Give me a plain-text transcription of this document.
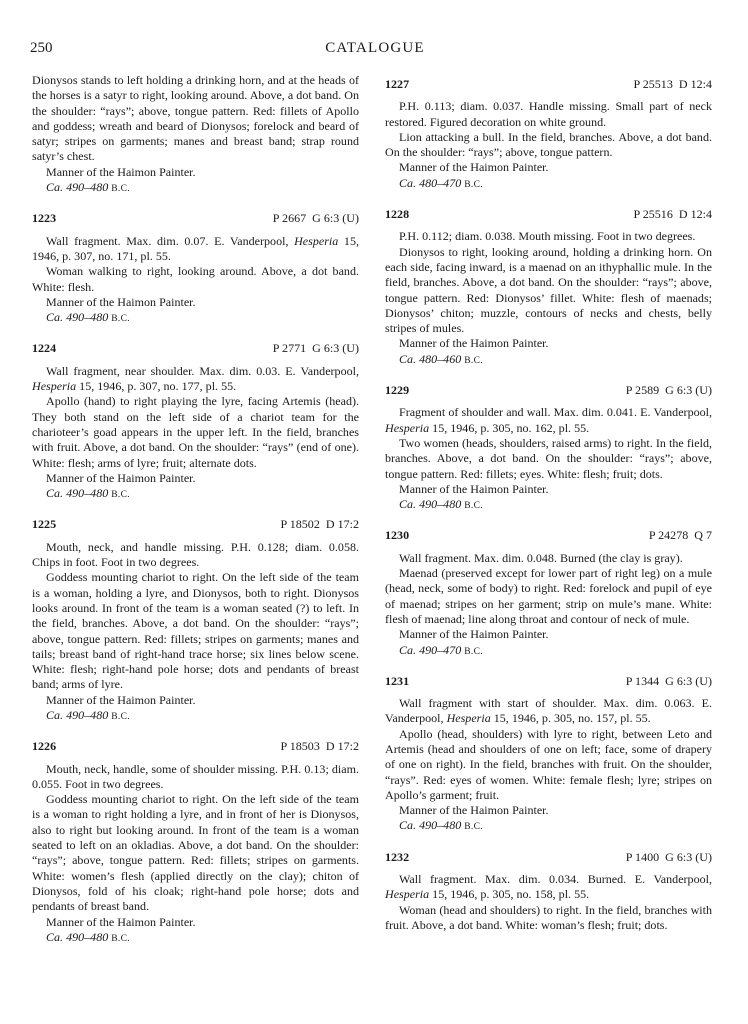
250	CATALOGUE

Dionysos stands to left holding a drinking horn, and at the heads of the horses is a satyr to right, looking around. Above, a dot band. On the shoulder: “rays”; above, tongue pattern. Red: fillets of Apollo and goddess; wreath and beard of Dionysos; forelock and beard of satyr; stripes on garments; manes and breast band; strap round satyr’s chest.

Manner of the Haimon Painter.

Ca. 490–480 B.C.

1223	P 2667 G 6:3 (U)

Wall fragment. Max. dim. 0.07. E. Vanderpool, Hesperia 15, 1946, p. 307, no. 171, pl. 55.

Woman walking to right, looking around. Above, a dot band. White: flesh.

Manner of the Haimon Painter.

Ca. 490–480 B.C.

1224	P 2771 G 6:3 (U)

Wall fragment, near shoulder. Max. dim. 0.03. E. Vanderpool, Hesperia 15, 1946, p. 307, no. 177, pl. 55.

Apollo (hand) to right playing the lyre, facing Artemis (head). They both stand on the left side of a chariot team for the charioteer’s goad appears in the upper left. In the field, branches with fruit. Above, a dot band. On the shoulder: “rays” (end of one). White: flesh; arms of lyre; fruit; alternate dots.

Manner of the Haimon Painter.

Ca. 490–480 B.C.

1225	P 18502 D 17:2

Mouth, neck, and handle missing. P.H. 0.128; diam. 0.058. Chips in foot. Foot in two degrees.

Goddess mounting chariot to right. On the left side of the team is a woman, holding a lyre, and Dionysos, both to right. Dionysos looks around. In front of the team is a woman seated (?) to left. In the field, branches. Above, a dot band. On the shoulder: “rays”; above, tongue pattern. Red: fillets; stripes on garments; manes and tails; breast band of right-hand trace horse; six lines below scene. White: flesh; right-hand pole horse; dots and pendants of breast band; arms of lyre.

Manner of the Haimon Painter.

Ca. 490–480 B.C.

1226	P 18503 D 17:2

Mouth, neck, handle, some of shoulder missing. P.H. 0.13; diam. 0.055. Foot in two degrees.

Goddess mounting chariot to right. On the left side of the team is a woman to right holding a lyre, and in front of her is Dionysos, also to right but looking around. In front of the team is a woman seated to left on an okladias. Above, a dot band. On the shoulder: “rays”; above, tongue pattern. Red: fillets; stripes on garments. White: women’s flesh (applied directly on the clay); chiton of Dionysos, fold of his cloak; right-hand pole horse; dots and pendants of breast band.

Manner of the Haimon Painter.

Ca. 490–480 B.C.

1227	P 25513 D 12:4

P.H. 0.113; diam. 0.037. Handle missing. Small part of neck restored. Figured decoration on white ground.

Lion attacking a bull. In the field, branches. Above, a dot band. On the shoulder: “rays”; above, tongue pattern.

Manner of the Haimon Painter.

Ca. 480–470 B.C.

1228	P 25516 D 12:4

P.H. 0.112; diam. 0.038. Mouth missing. Foot in two degrees.

Dionysos to right, looking around, holding a drinking horn. On each side, facing inward, is a maenad on an ithyphallic mule. In the field, branches. Above, a dot band. On the shoulder: “rays”; above, tongue pattern. Red: Dionysos’ fillet. White: flesh of maenads; Dionysos’ chiton; muzzle, contours of necks and chests, belly stripes of mules.

Manner of the Haimon Painter.

Ca. 480–460 B.C.

1229	P 2589 G 6:3 (U)

Fragment of shoulder and wall. Max. dim. 0.041. E. Vanderpool, Hesperia 15, 1946, p. 305, no. 162, pl. 55.

Two women (heads, shoulders, raised arms) to right. In the field, branches. Above, a dot band. On the shoulder: “rays”; above, tongue pattern. Red: fillets; eyes. White: flesh; fruit; dots.

Manner of the Haimon Painter.

Ca. 490–480 B.C.

1230	P 24278 Q 7

Wall fragment. Max. dim. 0.048. Burned (the clay is gray).

Maenad (preserved except for lower part of right leg) on a mule (head, neck, some of body) to right. Red: forelock and pupil of eye of maenad; stripes on her garment; strip on mule’s mane. White: flesh of maenad; line along throat and contour of neck of mule.

Manner of the Haimon Painter.

Ca. 490–470 B.C.

1231	P 1344 G 6:3 (U)

Wall fragment with start of shoulder. Max. dim. 0.063. E. Vanderpool, Hesperia 15, 1946, p. 305, no. 157, pl. 55.

Apollo (head, shoulders) with lyre to right, between Leto and Artemis (head and shoulders of one on left; face, some of drapery of one on right). In the field, branches with fruit. On the shoulder, “rays”. Red: eyes of women. White: female flesh; lyre; stripes on Apollo’s garment; fruit.

Manner of the Haimon Painter.

Ca. 490–480 B.C.

1232	P 1400 G 6:3 (U)

Wall fragment. Max. dim. 0.034. Burned. E. Vanderpool, Hesperia 15, 1946, p. 305, no. 158, pl. 55.

Woman (head and shoulders) to right. In the field, branches with fruit. Above, a dot band. White: woman’s flesh; fruit; dots.
